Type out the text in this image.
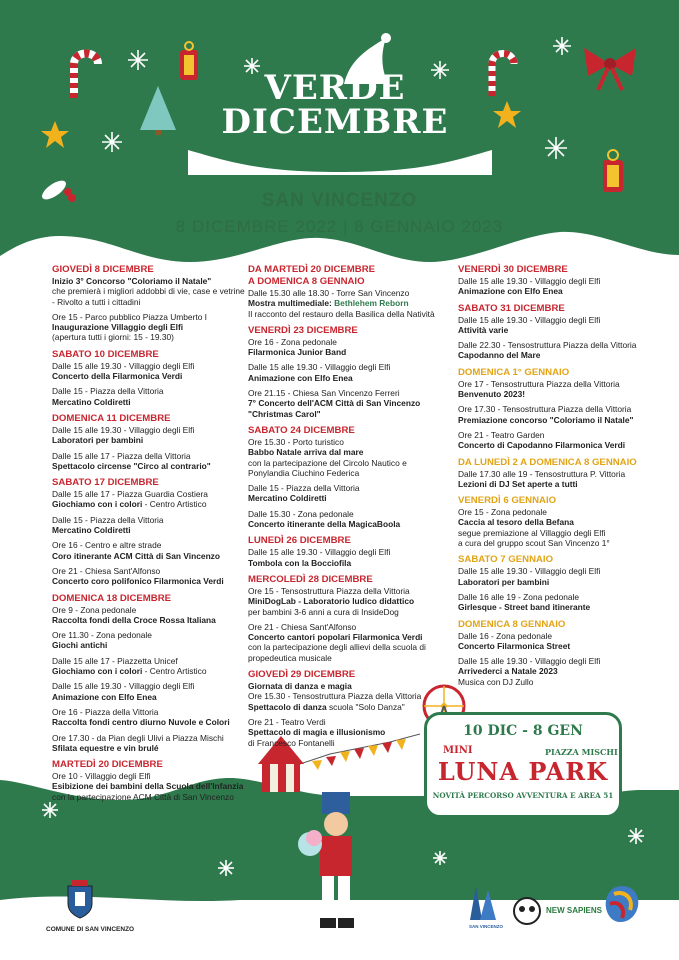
VERDE
DICEMBRE
SAN VINCENZO
8 DICEMBRE 2022 | 8 GENNAIO 2023
GIOVEDÌ 8 DICEMBRE
Inizio 3° Concorso "Coloriamo il Natale"
che premierà i migliori addobbi di vie, case e vetrine - Rivolto a tutti i cittadini
Ore 15 - Parco pubblico Piazza Umberto I
Inaugurazione Villaggio degli Elfi
(apertura tutti i giorni: 15 - 19.30)
SABATO 10 DICEMBRE
Dalle 15 alle 19.30 - Villaggio degli Elfi
Concerto della Filarmonica Verdi
Dalle 15 - Piazza della Vittoria
Mercatino Coldiretti
DOMENICA 11 DICEMBRE
Dalle 15 alle 19.30 - Villaggio degli Elfi
Laboratori per bambini
Dalle 15 alle 17 - Piazza della Vittoria
Spettacolo circense "Circo al contrario"
SABATO 17 DICEMBRE
Dalle 15 alle 17 - Piazza Guardia Costiera
Giochiamo con i colori - Centro Artistico
Dalle 15 - Piazza della Vittoria
Mercatino Coldiretti
Ore 16 - Centro e altre strade
Coro itinerante ACM Città di San Vincenzo
Ore 21 - Chiesa Sant'Alfonso
Concerto coro polifonico Filarmonica Verdi
DOMENICA 18 DICEMBRE
Ore 9 - Zona pedonale
Raccolta fondi della Croce Rossa Italiana
Ore 11.30 - Zona pedonale
Giochi antichi
Dalle 15 alle 17 - Piazzetta Unicef
Giochiamo con i colori - Centro Artistico
Dalle 15 alle 19.30 - Villaggio degli Elfi
Animazione con Elfo Enea
Ore 16 - Piazza della Vittoria
Raccolta fondi centro diurno Nuvole e Colori
Ore 17.30 - da Pian degli Ulivi a Piazza Mischi
Sfilata equestre e vin brulé
MARTEDÌ 20 DICEMBRE
Ore 10 - Villaggio degli Elfi
Esibizione dei bambini della Scuola dell'Infanzia
con la partecipazione ACM Città di San Vincenzo
DA MARTEDÌ 20 DICEMBRE
A DOMENICA 8 GENNAIO
Dalle 15.30 alle 18.30 - Torre San Vincenzo
Mostra multimediale: Bethlehem Reborn
Il racconto del restauro della Basilica della Natività
VENERDÌ 23 DICEMBRE
Ore 16 - Zona pedonale
Filarmonica Junior Band
Dalle 15 alle 19.30 - Villaggio degli Elfi
Animazione con Elfo Enea
Ore 21.15 - Chiesa San Vincenzo Ferreri
7° Concerto dell'ACM Città di San Vincenzo "Christmas Carol"
SABATO 24 DICEMBRE
Ore 15.30 - Porto turistico
Babbo Natale arriva dal mare
con la partecipazione del Circolo Nautico e Ponylandia Ciuchino Federica
Dalle 15 - Piazza della Vittoria
Mercatino Coldiretti
Dalle 15.30 - Zona pedonale
Concerto itinerante della MagicaBoola
LUNEDÌ 26 DICEMBRE
Dalle 15 alle 19.30 - Villaggio degli Elfi
Tombola con la Bocciofila
MERCOLEDÌ 28 DICEMBRE
Ore 15 - Tensostruttura Piazza della Vittoria
MiniDogLab - Laboratorio ludico didattico
per bambini 3-6 anni a cura di InsideDog
Ore 21 - Chiesa Sant'Alfonso
Concerto cantori popolari Filarmonica Verdi
con la partecipazione degli allievi della scuola di propedeutica musicale
GIOVEDÌ 29 DICEMBRE
Giornata di danza e magia
Ore 15.30 - Tensostruttura Piazza della Vittoria
Spettacolo di danza scuola "Solo Danza"
Ore 21 - Teatro Verdi
Spettacolo di magia e illusionismo
di Francesco Fontanelli
VENERDÌ 30 DICEMBRE
Dalle 15 alle 19.30 - Villaggio degli Elfi
Animazione con Elfo Enea
SABATO 31 DICEMBRE
Dalle 15 alle 19.30 - Villaggio degli Elfi
Attività varie
Dalle 22.30 - Tensostruttura Piazza della Vittoria
Capodanno del Mare
DOMENICA 1° GENNAIO
Ore 17 - Tensostruttura Piazza della Vittoria
Benvenuto 2023!
Ore 17.30 - Tensostruttura Piazza della Vittoria
Premiazione concorso "Coloriamo il Natale"
Ore 21 - Teatro Garden
Concerto di Capodanno Filarmonica Verdi
DA LUNEDÌ 2 A DOMENICA 8 GENNAIO
Dalle 17.30 alle 19 - Tensostruttura P. Vittoria
Lezioni di DJ Set aperte a tutti
VENERDÌ 6 GENNAIO
Ore 15 - Zona pedonale
Caccia al tesoro della Befana
segue premiazione al Villaggio degli Elfi
a cura del gruppo scout San Vincenzo 1°
SABATO 7 GENNAIO
Dalle 15 alle 19.30 - Villaggio degli Elfi
Laboratori per bambini
Dalle 16 alle 19 - Zona pedonale
Girlesque - Street band itinerante
DOMENICA 8 GENNAIO
Dalle 16 - Zona pedonale
Concerto Filarmonica Street
Dalle 15 alle 19.30 - Villaggio degli Elfi
Arrivederci a Natale 2023
Musica con DJ Zullo
10 DIC - 8 GEN
MINI	PIAZZA MISCHI
LUNA PARK
NOVITÀ PERCORSO AVVENTURA E AREA 51
COMUNE DI SAN VINCENZO	SAN VINCENZO
NEW SAPIENS
